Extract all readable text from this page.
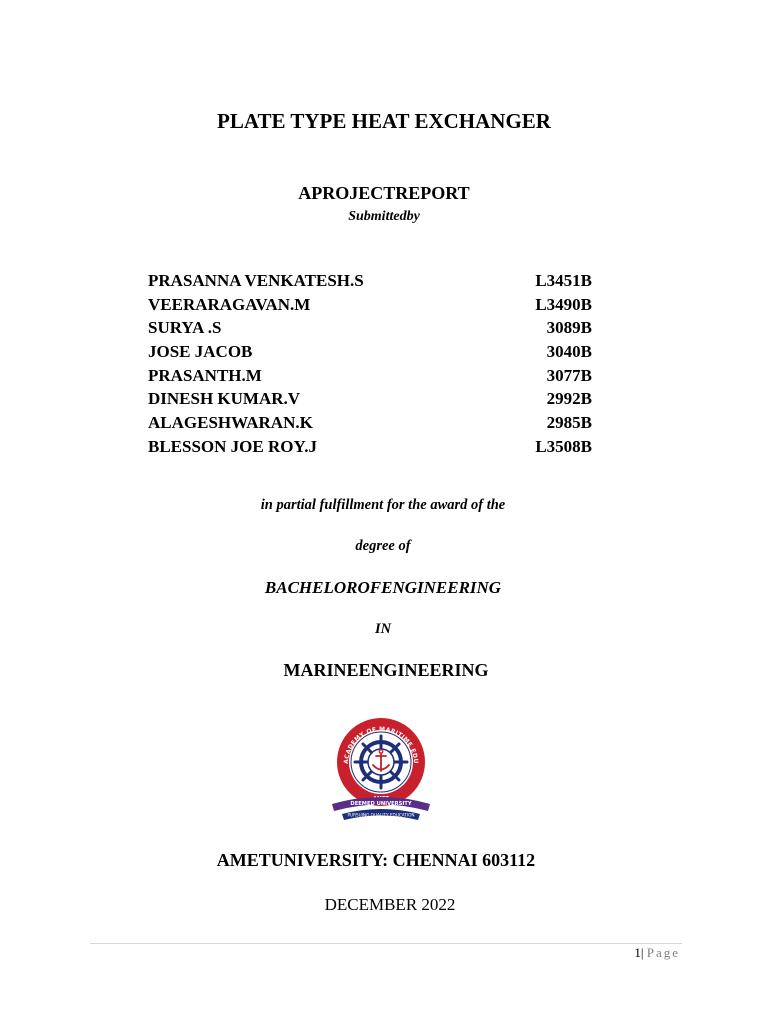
PLATE TYPE HEAT EXCHANGER
APROJECTREPORT
Submittedby
PRASANNA VENKATESH.S	L3451B
VEERARAGAVAN.M	L3490B
SURYA .S	3089B
JOSE JACOB	3040B
PRASANTH.M	3077B
DINESH KUMAR.V	2992B
ALAGESHWARAN.K	2985B
BLESSON JOE ROY.J	L3508B
in partial fulfillment for the award of the
degree of
BACHELOROFENGINEERING
IN
MARINEENGINEERING
ACADEMY OF MARITIME EDU
DEEMED UNIVERSITY
PURSUING QUALITY EDUCATION
AMETUNIVERSITY: CHENNAI 603112
DECEMBER 2022
1| Page
